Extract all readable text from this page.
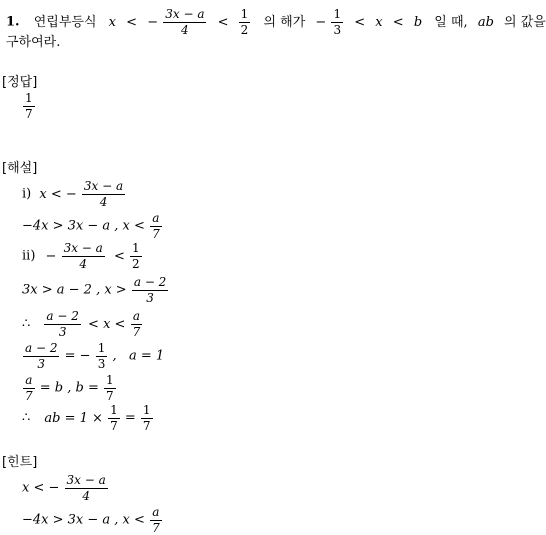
1. 연립부등식 x < − $\frac{3x - a}{4} < \frac{1}{2}$ 의 해가 − $\frac{1}{3} < x < b$ 일 때, ab 의 값을
구하여라.
[정답]
$\frac{1}{7}$
[해설]
i) x < − $\frac{3x - a}{4}$
−4x > 3x − a , $x < \frac{a}{7}$
$ii) - \frac{3x - a}{4} < \frac{1}{2}$
3x > a − 2 , $x > \frac{a - 2}{3}$
∴ $\frac{a - 2}{3} < x < \frac{a}{7}$
$\frac{a - 2}{3}$ = − $\frac{1}{3}$ ,   a = 1
$\frac{a}{7} = b$ , $b = \frac{1}{7}$
∴ ab = $1 \times \frac{1}{7} = \frac{1}{7}$
[힌트]
x < − $\frac{3x - a}{4}$
−4x > 3x − a , $x < \frac{a}{7}$
